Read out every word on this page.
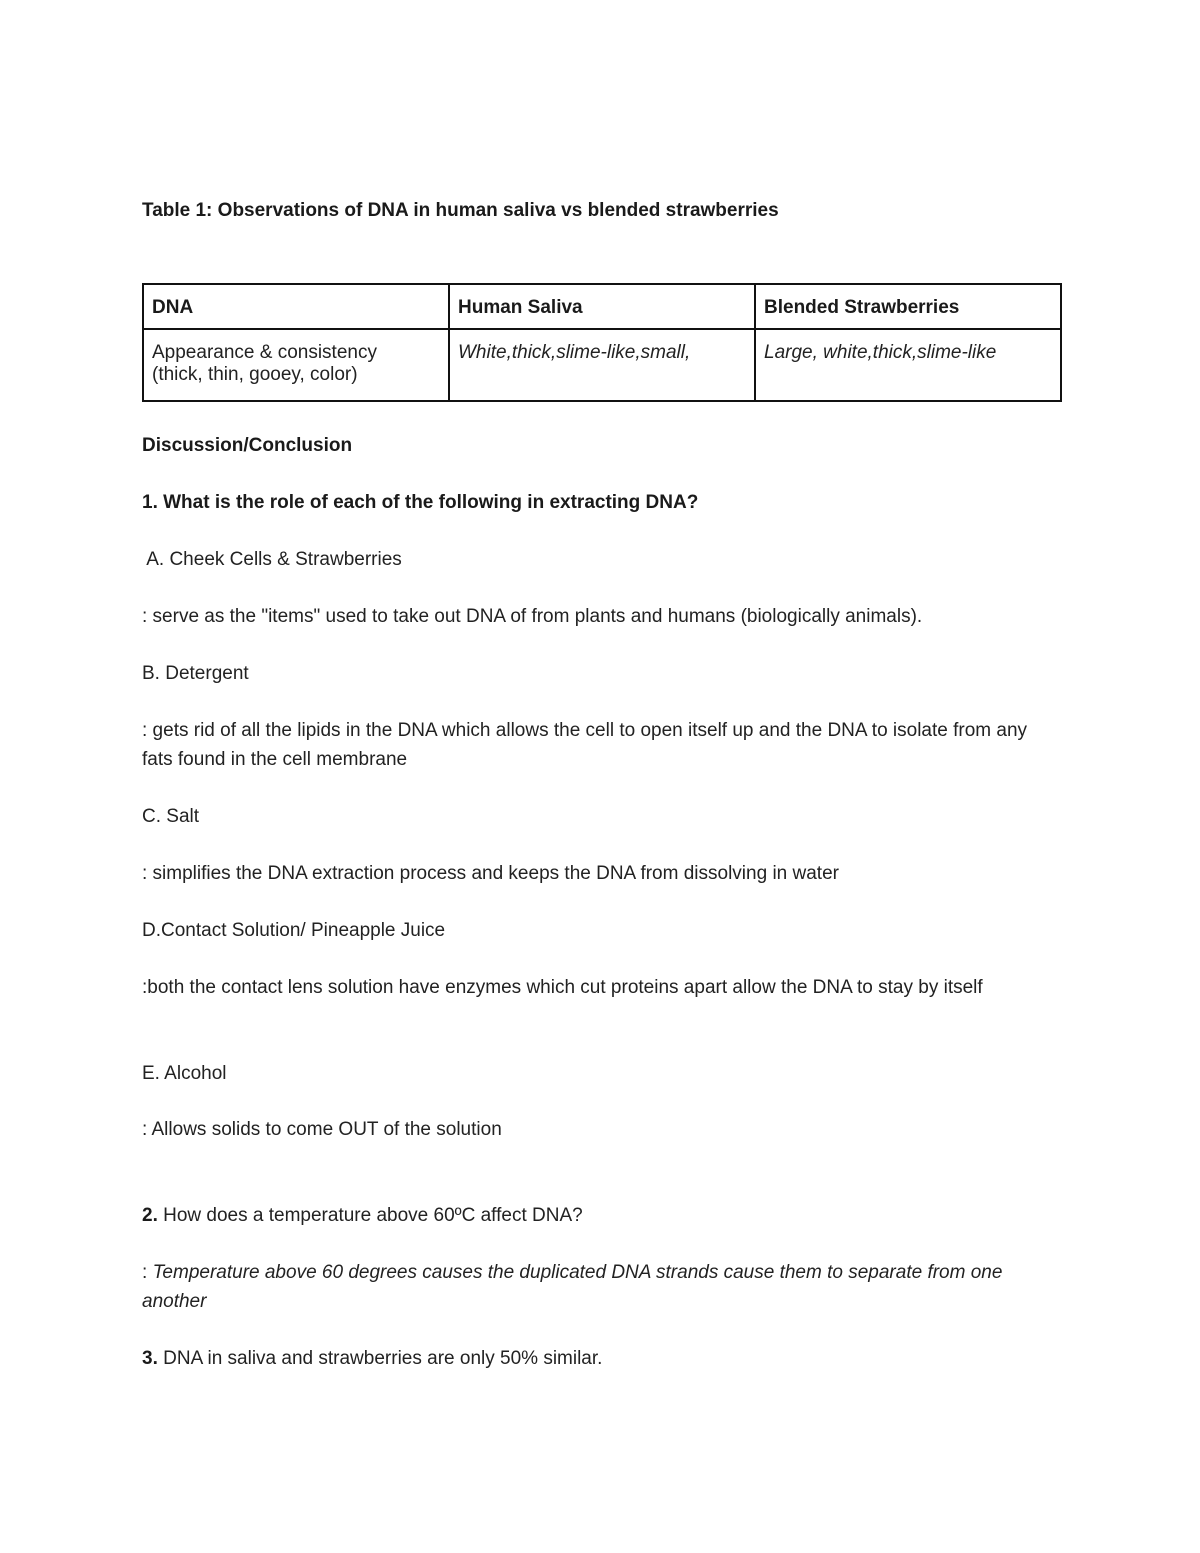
Table 1: Observations of DNA in human saliva vs blended strawberries
DNA	Human Saliva	Blended Strawberries

Appearance & consistency
(thick, thin, gooey, color)	White,thick,slime-like,small,	Large, white,thick,slime-like

Discussion/Conclusion

1. What is the role of each of the following in extracting DNA?

A. Cheek Cells & Strawberries

: serve as the "items" used to take out DNA of from plants and humans (biologically animals).

B. Detergent

: gets rid of all the lipids in the DNA which allows the cell to open itself up and the DNA to isolate from any fats found in the cell membrane

C. Salt

: simplifies the DNA extraction process and keeps the DNA from dissolving in water

D.Contact Solution/ Pineapple Juice

:both the contact lens solution have enzymes which cut proteins apart allow the DNA to stay by itself

E. Alcohol

: Allows solids to come OUT of the solution

2. How does a temperature above 60ºC affect DNA?

: Temperature above 60 degrees causes the duplicated DNA strands cause them to separate from one another

3. DNA in saliva and strawberries are only 50% similar.
